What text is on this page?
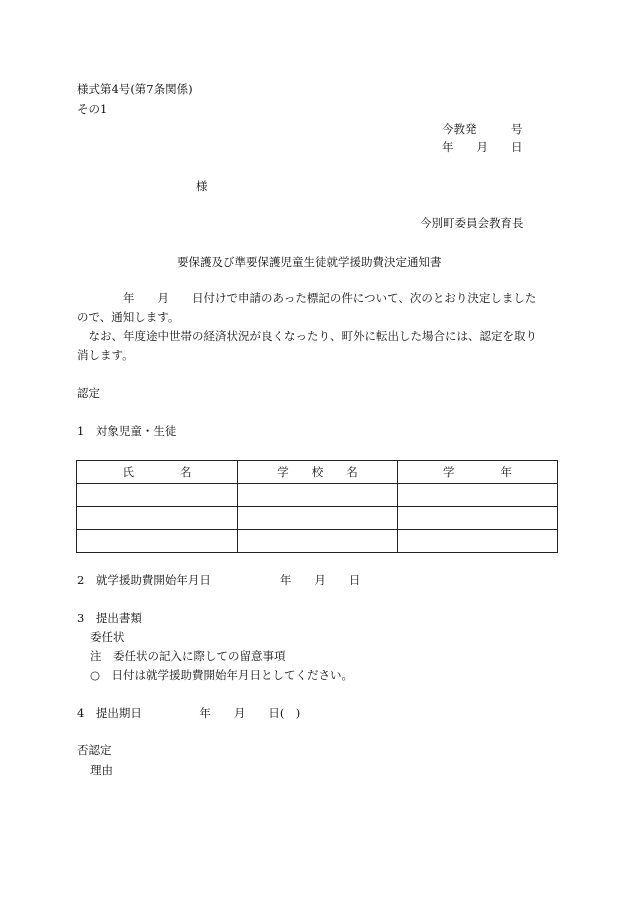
様式第4号(第7条関係)
その1
今教発　　　号
年　　月　　日
様
今別町委員会教育長
要保護及び準要保護児童生徒就学援助費決定通知書
　　　　年　　月　　日付けで申請のあった標記の件について、次のとおり決定しました
ので、通知します。
　なお、年度途中世帯の経済状況が良くなったり、町外に転出した場合には、認定を取り
消します。
認定
1　対象児童・生徒
氏　　　　名	学　　校　　名	学　　　　年

2　就学援助費開始年月日　　　　　　年　　月　　日
3　提出書類
委任状
注　委任状の記入に際しての留意事項
○　日付は就学援助費開始年月日としてください。
4　提出期日　　　　　年　　月　　日(　)
否認定
理由
